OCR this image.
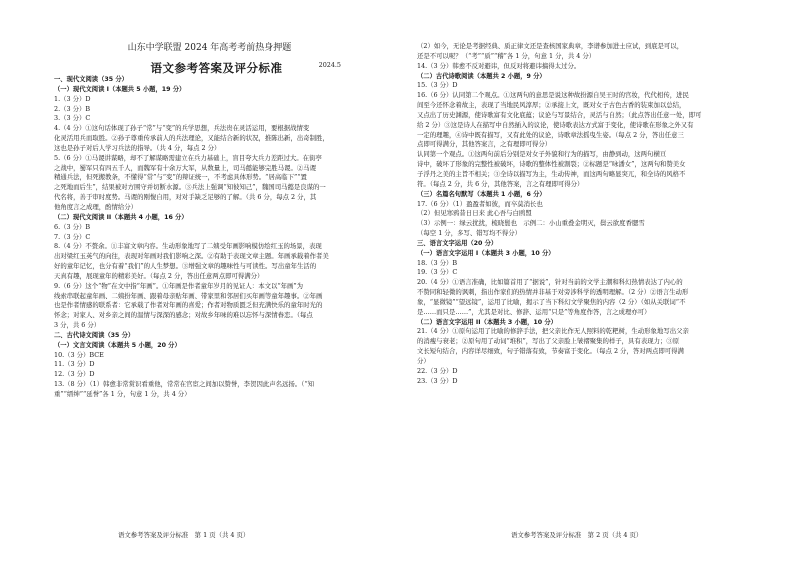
山东中学联盟 2024 年高考考前热身押题
语文参考答案及评分标准	2024.5
一、现代文阅读（35 分）
（一）现代文阅读 I（本题共 5 小题，19 分）
1.（3 分）D
2.（3 分）B
3.（3 分）C
4.（4 分）①这句话体现了孙子“常”与“变”的兵学思想，兵法贵在灵活运用，要根据战情变
化灵活用兵而取胜。②孙子尊重传承前人的兵法理论，又能结合新的状况，推陈出新，出奇制胜，
这也是孙子对后人学习兵法的指导。（共 4 分，每点 2 分）
5.（6 分）①马谡讲谋略，却不了解谋略需建立在兵力基础上，盲目夸大兵力差距过大。在街亭
之战中，蜀军只有四五千人，而魏军有十余万大军，从数量上，司马懿能够完胜马谡。②马谡
精通兵法，但死搬教条，不懂得“常”与“变”的辩证统一，不考虑具体形势。“居高临下”“置
之死地而后生”，结果被对方围守并切断水源。③兵法上强调“知彼知己”，魏国司马懿是良谋的一
代名将，善于审时度势。马谡的刚愎自用，对对手缺乏足够的了解。（共 6 分，每点 2 分，其
他角度言之成理，酌情给分）
（二）现代文阅读 II（本题共 4 小题，16 分）
6.（3 分）B
7.（3 分）C
8.（4 分）不赘余。①丰富文章内容。生动形象地写了二姨受年画影响模仿绘红玉的场景，表现
出对梁红玉英气的向往，表现对年画对我们影响之深。②有助于表现文章主题。年画承载着作者美
好的童年记忆，也分有着“我们”的人生梦想。③增强文章的趣味性与可读性。写出童年生活的
天真有趣，展现童年的精彩美好。（每点 2 分，答出任意两点即可得满分）
9.（6 分）这个“物”在文中指“年画”。①年画是作者童年岁月的见证人：本文以“年画”为
线索串联起童年画、二姨扮年画、跟着母亲贴年画、带家里和邻居们买年画等童年趣事。②年画
也是作者情感的联系者：它承载了作者对年画的喜爱；作者对物质匮乏但充满快乐的童年时光的
怀念；对家人、对乡亲之间的温情与深深的感念；对故乡年味的难以忘怀与深情眷恋。（每点
3 分，共 6 分）
二、古代诗文阅读（35 分）
（一）文言文阅读（本题共 5 小题，20 分）
10.（3 分）BCE
11.（3 分）D
12.（3 分）D
13.（8 分）（1）韩愈非常赏识看重他，常常在官宦之间加以赞誉，李贺因此声名远扬。（“知
重”“缙绅”“延誉”各 1 分，句意 1 分，共 4 分）
（2）如今，无论是考据经典、质正律文还是查核国家典章，李谱参加进士应试，到底是可以，
还是不可以呢？（“考”“质”“稽”各 1 分，句意 1 分，共 4 分）
14.（3 分）韩愈不反对避讳，但反对将避讳搞得太过分。
（二）古代诗歌阅读（本题共 2 小题，9 分）
15.（3 分）D
16.（6 分）认同第二个观点。①这两句的意思是说这种故扮源自吴王时的宫妆，代代相传，进民
间至今还怀念着故主，表现了当地民风淳厚；②承接上文，既对女子古色古香的装束加以总结，
又点出了历史渊源，使诗歌富有文化底蕴；议论与写景结合，灵活与自然；（此点答出任意一处，即可
给 2 分）③这是诗人在描写中自然插入的议论，使诗歌表达方式富于变化，使诗歌在形象之外又有
一定的理趣，④诗中既有描写，又有此处的议论，诗歌章法摇曳生姿。（每点 2 分，答出任意三
点即可得满分，其他答案言，之有理即可得分）
认同第一个观点。①这两句前后分别是对女子外貌和行为的描写，由静到动，这两句横亘
诗中，破坏了形象的完整性被破坏，诗歌的整体性被割裂；②标题是“咏潘女”，这两句和赞美女
子浮丹之美的主旨不相关；③全诗以描写为主，生动传神，而这两句略显突兀，和全诗的风格不
符。（每点 2 分，共 6 分，其他答案，言之有理即可得分）
（三）名篇名句默写（本题共 1 小题，6 分）
17.（6 分）（1）盈盈者如彼，而卒莫消长也
（2）但见寒鸦昔日日来 此心吾与白鸥盟
（3）示例一：绿云扰扰，梳晓鬟也　示例二：小山重叠金明灭，鬓云欲度香腮雪
（每空 1 分，多写、错写均不得分）
三、语言文字运用（20 分）
（一）语言文字运用 I（本题共 3 小题，10 分）
18.（3 分）B
19.（3 分）C
20.（4 分）①语言准确，比如篇首用了“据说”，针对当前的文学主潮和科幻热情表达了内心的
不赞同和轻微的讽刺，指出作家们的热情并非基于对旁涉科学的透明理解。（2 分）②语言生动形
象，“显微镜”“望远镜”，运用了比喻，揭示了当下科幻文学聚焦的内容（2 分）（如从关联词“不
是……而只是……”，尤其是对比、修辞、运用“只是”等角度作答，言之成理亦可）
（二）语言文字运用 II（本题共 3 小题，10 分）
21.（4 分）①原句运用了比喻的修辞手法，把父亲比作无人照料的乾粑树，生动形象地写出父亲
的消瘦与衰老；②原句用了动词“堆积”，写出了父亲脸上皱褶聚集的样子，具有表现力；③原
文长短句结合，内容详尽细致，句子错落有致，节奏富于变化。（每点 2 分，答对两点即可得满
分）
22.（3 分）D
23.（3 分）D
语文参考答案及评分标准　第 1 页（共 4 页）	语文参考答案及评分标准　第 2 页（共 4 页）
